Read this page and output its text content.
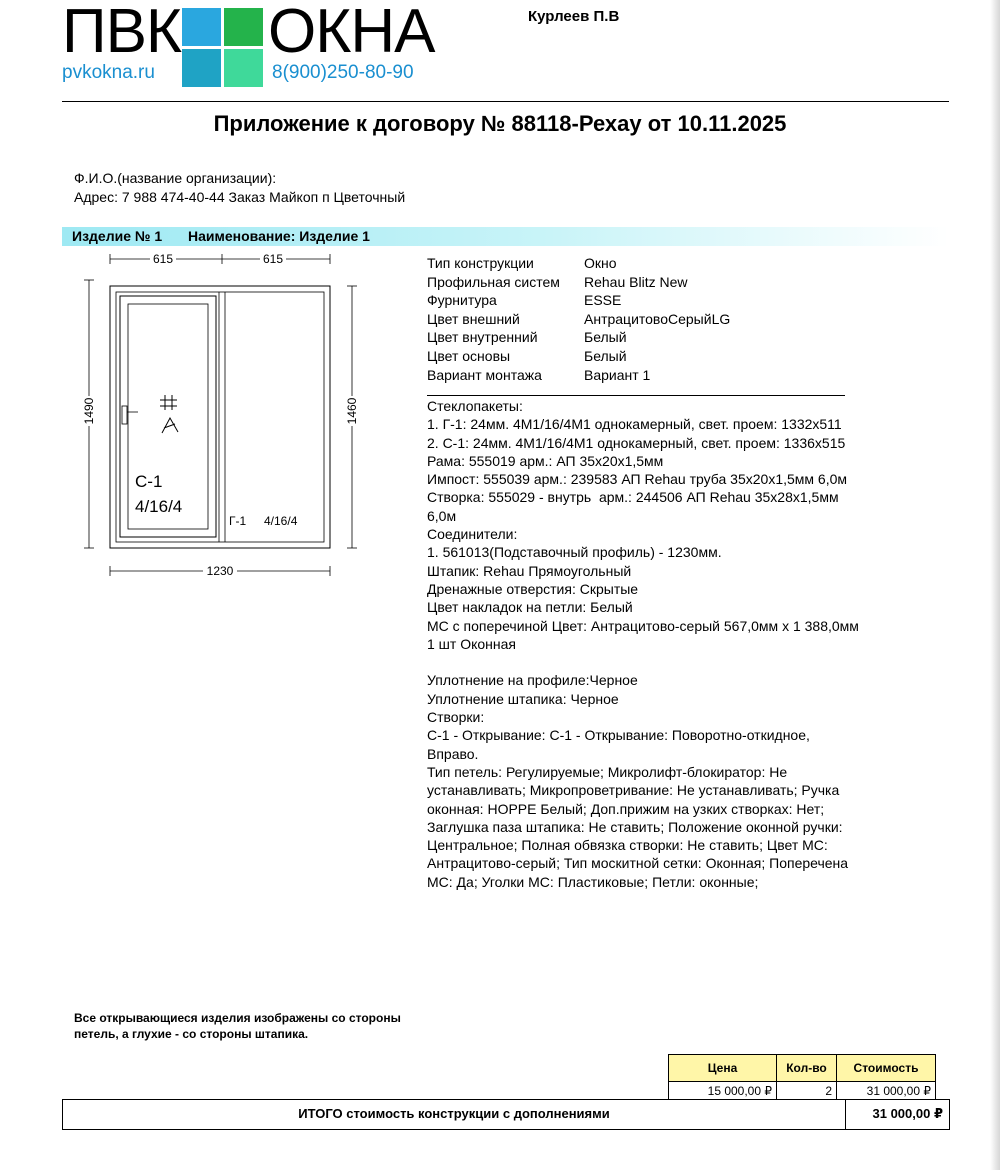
ПВК ОКНА
pvkokna.ru	8(900)250-80-90
Курлеев П.В
Приложение к договору № 88118-Рехау от 10.11.2025
Ф.И.О.(название организации):
Адрес: 7 988 474-40-44 Заказ Майкоп п Цветочный
Изделие № 1 Наименование: Изделие 1
615	615
1490	1460
1230
С-1
4/16/4
Г-1 4/16/4
Тип конструкции	Окно
Профильная систем	Rehau Blitz New
Фурнитура	ESSE
Цвет внешний	АнтрацитовоСерыйLG
Цвет внутренний	Белый
Цвет основы	Белый
Вариант монтажа	Вариант 1
Стеклопакеты:
1. Г-1: 24мм. 4М1/16/4М1 однокамерный, свет. проем: 1332х511
2. С-1: 24мм. 4М1/16/4М1 однокамерный, свет. проем: 1336х515
Рама: 555019 арм.: АП 35х20х1,5мм
Импост: 555039 арм.: 239583 АП Rehau труба 35х20х1,5мм 6,0м
Створка: 555029 - внутрь  арм.: 244506 АП Rehau 35х28х1,5мм
6,0м
Соединители:
1. 561013(Подставочный профиль) - 1230мм.
Штапик: Rehau Прямоугольный
Дренажные отверстия: Скрытые
Цвет накладок на петли: Белый
МС с поперечиной Цвет: Антрацитово-серый 567,0мм х 1 388,0мм
1 шт Оконная

Уплотнение на профиле:Черное
Уплотнение штапика: Черное
Створки:
С-1 - Открывание: С-1 - Открывание: Поворотно-откидное,
Вправо.
Тип петель: Регулируемые; Микролифт-блокиратор: Не
устанавливать; Микропроветривание: Не устанавливать; Ручка
оконная: HOPPE Белый; Доп.прижим на узких створках: Нет;
Заглушка паза штапика: Не ставить; Положение оконной ручки:
Центральное; Полная обвязка створки: Не ставить; Цвет МС:
Антрацитово-серый; Тип москитной сетки: Оконная; Поперечена
МС: Да; Уголки МС: Пластиковые; Петли: оконные;
Все открывающиеся изделия изображены со стороны петель, а глухие - со стороны штапика.
Цена	Кол-во	Стоимость
15 000,00 ₽	2	31 000,00 ₽
ИТОГО стоимость конструкции с дополнениями	31 000,00 ₽
